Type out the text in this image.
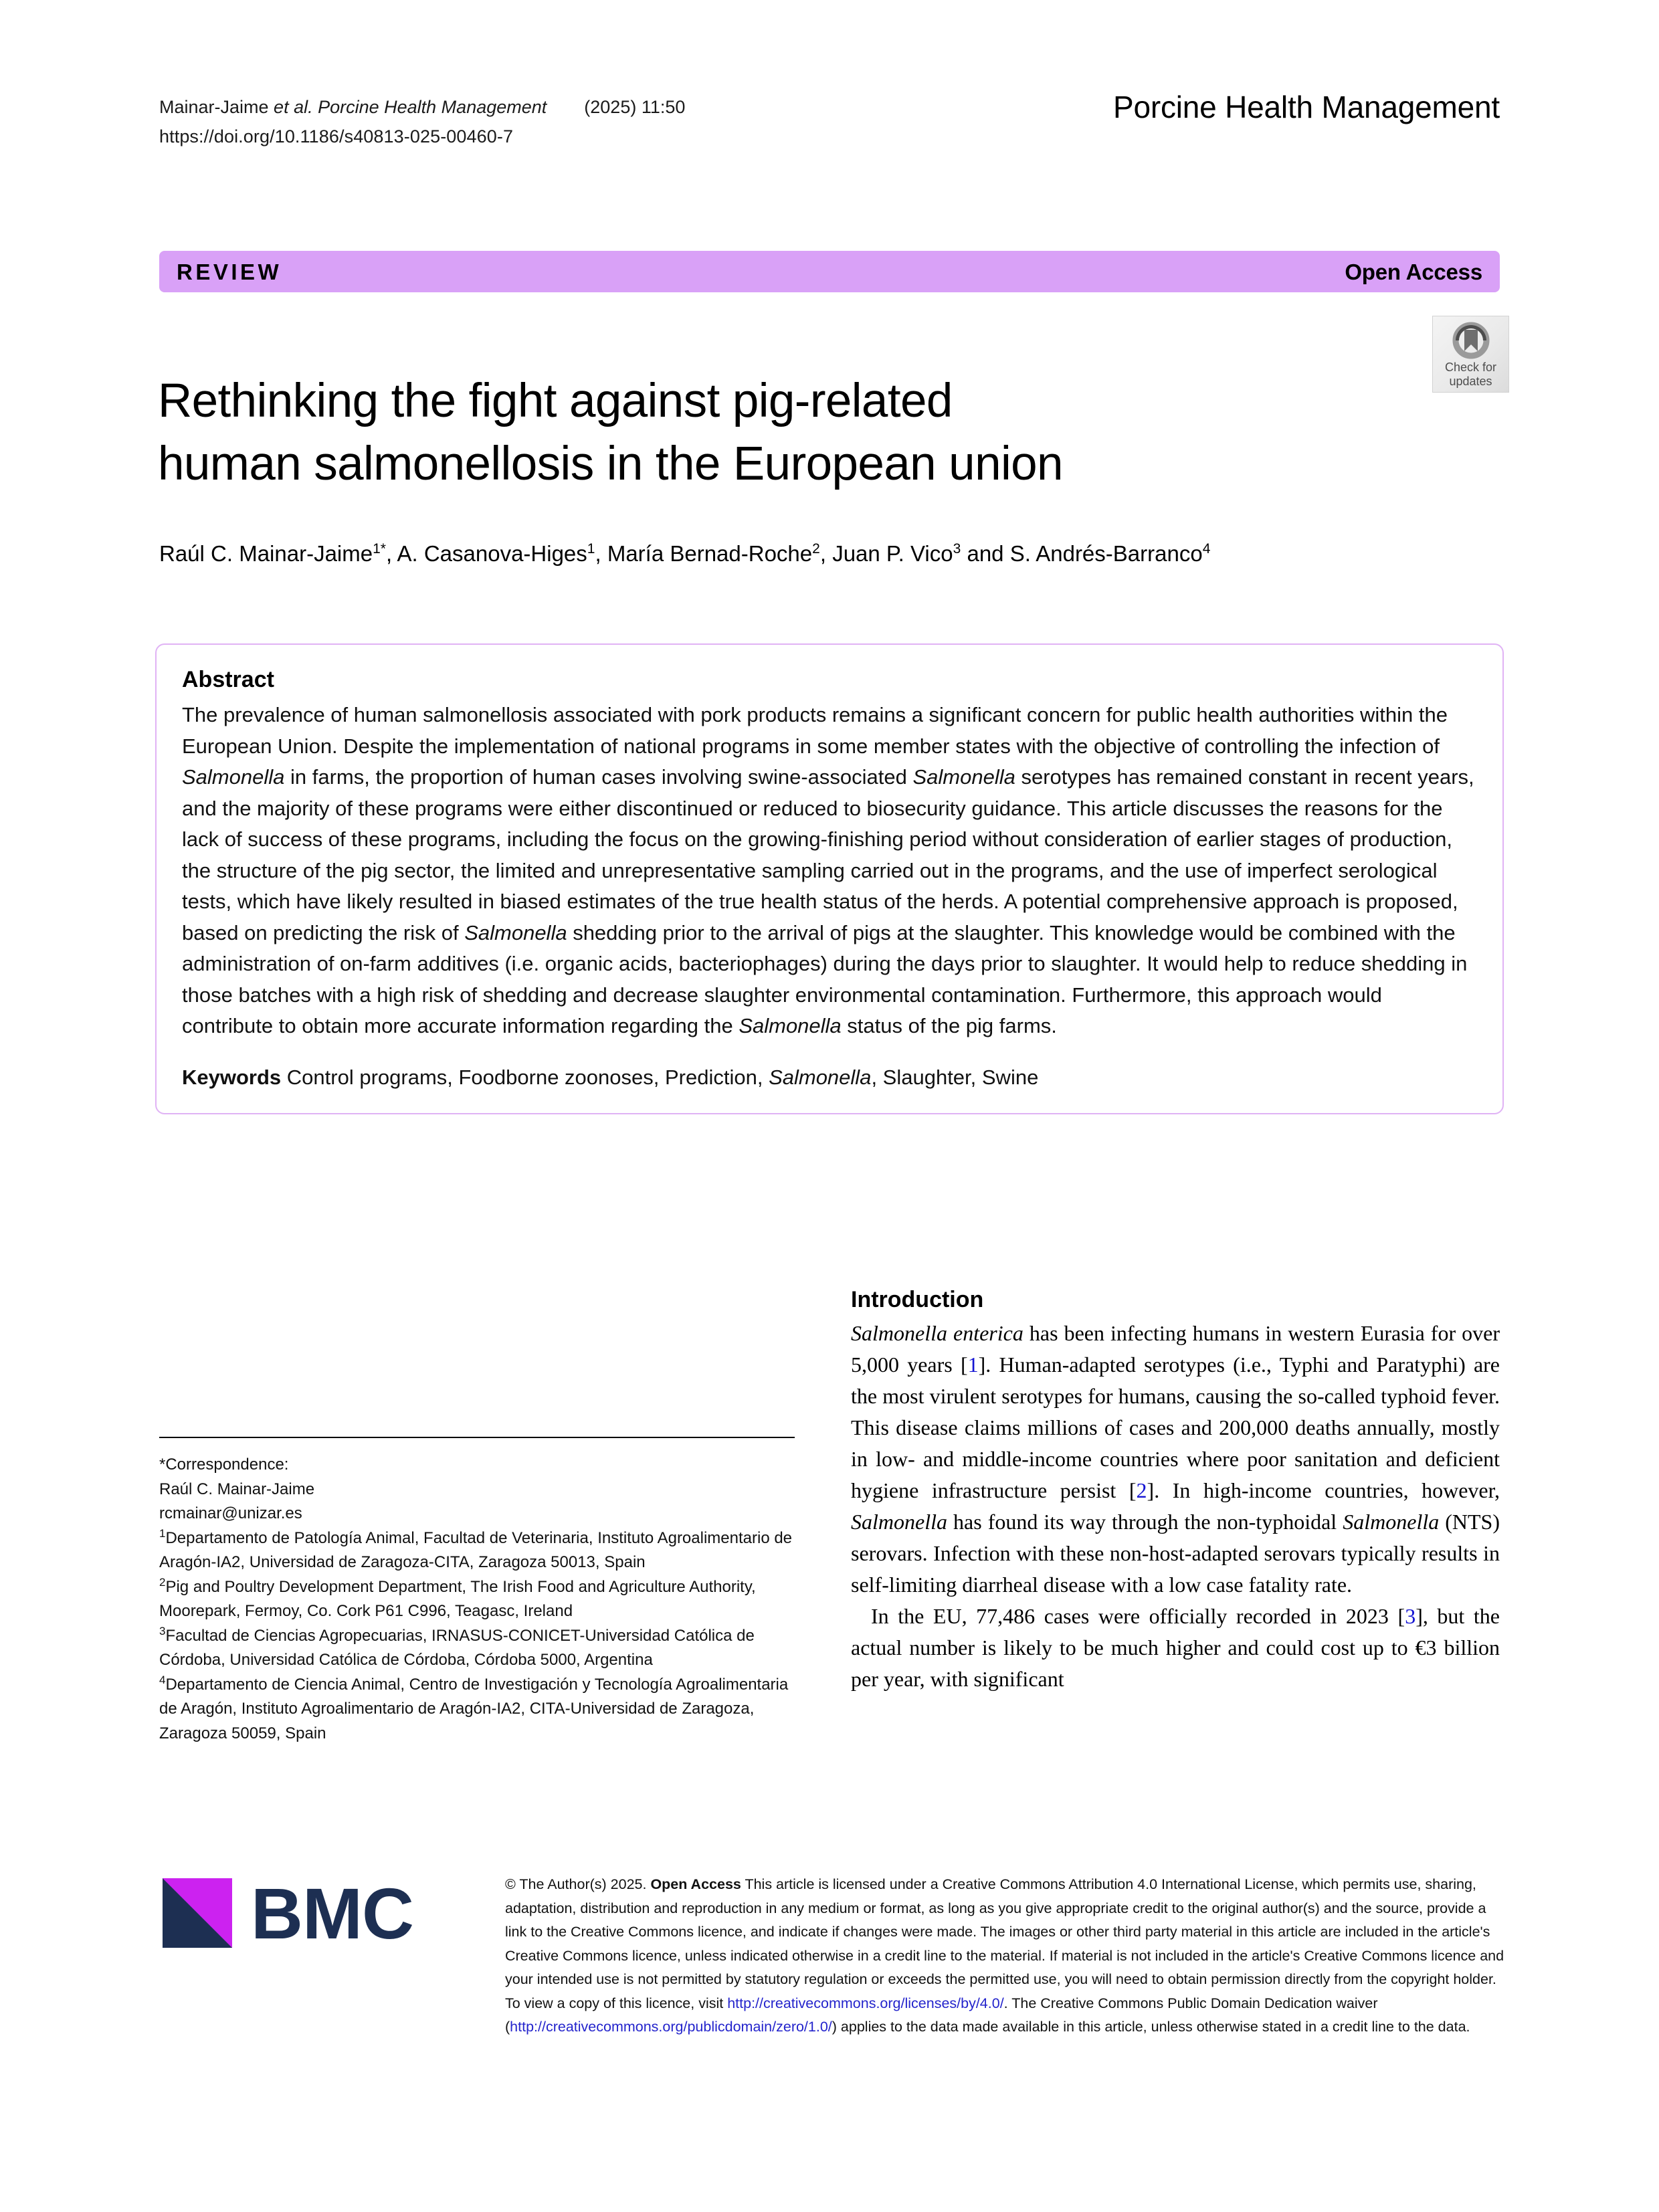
Mainar-Jaime et al. Porcine Health Management (2025) 11:50
https://doi.org/10.1186/s40813-025-00460-7
Porcine Health Management
REVIEW	Open Access
Rethinking the fight against pig-related
human salmonellosis in the European union
Check for
updates
Raúl C. Mainar-Jaime$^{1*}$, A. Casanova-Higes$^1$, María Bernad-Roche$^2$, Juan P. Vico$^3$ and S. Andrés-Barranco$^4$
Abstract
The prevalence of human salmonellosis associated with pork products remains a significant concern for public health authorities within the European Union. Despite the implementation of national programs in some member states with the objective of controlling the infection of Salmonella in farms, the proportion of human cases involving swine-associated Salmonella serotypes has remained constant in recent years, and the majority of these programs were either discontinued or reduced to biosecurity guidance. This article discusses the reasons for the lack of success of these programs, including the focus on the growing-finishing period without consideration of earlier stages of production, the structure of the pig sector, the limited and unrepresentative sampling carried out in the programs, and the use of imperfect serological tests, which have likely resulted in biased estimates of the true health status of the herds. A potential comprehensive approach is proposed, based on predicting the risk of Salmonella shedding prior to the arrival of pigs at the slaughter. This knowledge would be combined with the administration of on-farm additives (i.e. organic acids, bacteriophages) during the days prior to slaughter. It would help to reduce shedding in those batches with a high risk of shedding and decrease slaughter environmental contamination. Furthermore, this approach would contribute to obtain more accurate information regarding the Salmonella status of the pig farms.
Keywords Control programs, Foodborne zoonoses, Prediction, Salmonella, Slaughter, Swine
*Correspondence:
Raúl C. Mainar-Jaime
rcmainar@unizar.es
$^1$Departamento de Patología Animal, Facultad de Veterinaria, Instituto Agroalimentario de Aragón-IA2, Universidad de Zaragoza-CITA, Zaragoza 50013, Spain
$^2$Pig and Poultry Development Department, The Irish Food and Agriculture Authority, Moorepark, Fermoy, Co. Cork P61 C996, Teagasc, Ireland
$^3$Facultad de Ciencias Agropecuarias, IRNASUS-CONICET-Universidad Católica de Córdoba, Universidad Católica de Córdoba, Córdoba 5000, Argentina
$^4$Departamento de Ciencia Animal, Centro de Investigación y Tecnología Agroalimentaria de Aragón, Instituto Agroalimentario de Aragón-IA2, CITA-Universidad de Zaragoza, Zaragoza 50059, Spain
Introduction

Salmonella enterica has been infecting humans in western Eurasia for over 5,000 years [1]. Human-adapted serotypes (i.e., Typhi and Paratyphi) are the most virulent serotypes for humans, causing the so-called typhoid fever. This disease claims millions of cases and 200,000 deaths annually, mostly in low- and middle-income countries where poor sanitation and deficient hygiene infrastructure persist [2]. In high-income countries, however, Salmonella has found its way through the non-typhoidal Salmonella (NTS) serovars. Infection with these non-host-adapted serovars typically results in self-limiting diarrheal disease with a low case fatality rate.

In the EU, 77,486 cases were officially recorded in 2023 [3], but the actual number is likely to be much higher and could cost up to €3 billion per year, with significant

BMC	© The Author(s) 2025. Open Access This article is licensed under a Creative Commons Attribution 4.0 International License, which permits use, sharing, adaptation, distribution and reproduction in any medium or format, as long as you give appropriate credit to the original author(s) and the source, provide a link to the Creative Commons licence, and indicate if changes were made. The images or other third party material in this article are included in the article's Creative Commons licence, unless indicated otherwise in a credit line to the material. If material is not included in the article's Creative Commons licence and your intended use is not permitted by statutory regulation or exceeds the permitted use, you will need to obtain permission directly from the copyright holder. To view a copy of this licence, visit http://creativecommons.org/licenses/by/4.0/. The Creative Commons Public Domain Dedication waiver (http://creativecommons.org/publicdomain/zero/1.0/) applies to the data made available in this article, unless otherwise stated in a credit line to the data.
